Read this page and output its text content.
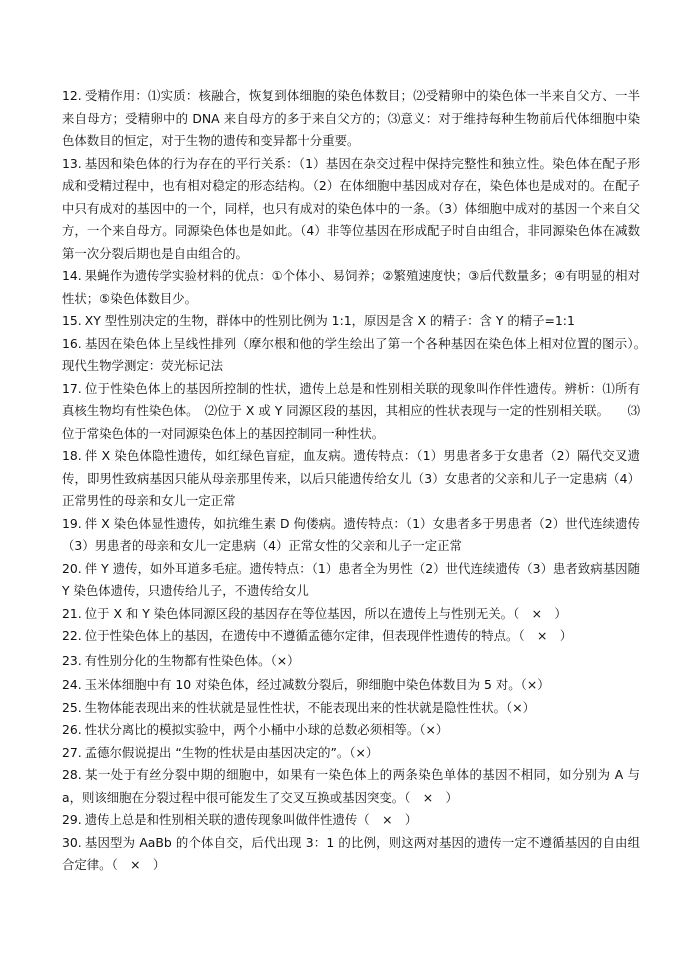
12. 受精作用：⑴实质：核融合，恢复到体细胞的染色体数目；⑵受精卵中的染色体一半来自父方、一半来自母方；受精卵中的 DNA 来自母方的多于来自父方的；⑶意义：对于维持每种生物前后代体细胞中染色体数目的恒定，对于生物的遗传和变异都十分重要。

13. 基因和染色体的行为存在的平行关系：（1）基因在杂交过程中保持完整性和独立性。染色体在配子形成和受精过程中，也有相对稳定的形态结构。（2）在体细胞中基因成对存在，染色体也是成对的。在配子中只有成对的基因中的一个，同样，也只有成对的染色体中的一条。（3）体细胞中成对的基因一个来自父方，一个来自母方。同源染色体也是如此。（4）非等位基因在形成配子时自由组合，非同源染色体在减数第一次分裂后期也是自由组合的。

14. 果蝇作为遗传学实验材料的优点：①个体小、易饲养；②繁殖速度快；③后代数量多；④有明显的相对性状；⑤染色体数目少。

15. XY 型性别决定的生物，群体中的性别比例为 1:1，原因是含 X 的精子：含 Y 的精子=1:1

16. 基因在染色体上呈线性排列（摩尔根和他的学生绘出了第一个各种基因在染色体上相对位置的图示）。　　现代生物学测定：荧光标记法

17. 位于性染色体上的基因所控制的性状，遗传上总是和性别相关联的现象叫作伴性遗传。辨析：⑴所有真核生物均有性染色体。　⑵位于 X 或 Y 同源区段的基因，其相应的性状表现与一定的性别相关联。　　⑶位于常染色体的一对同源染色体上的基因控制同一种性状。

18. 伴 X 染色体隐性遗传，如红绿色盲症，血友病。遗传特点：（1）男患者多于女患者（2）隔代交叉遗传，即男性致病基因只能从母亲那里传来，以后只能遗传给女儿（3）女患者的父亲和儿子一定患病（4）正常男性的母亲和女儿一定正常

19. 伴 X 染色体显性遗传，如抗维生素 D 佝偻病。遗传特点：（1）女患者多于男患者（2）世代连续遗传（3）男患者的母亲和女儿一定患病（4）正常女性的父亲和儿子一定正常

20. 伴 Y 遗传，如外耳道多毛症。遗传特点：（1）患者全为男性（2）世代连续遗传（3）患者致病基因随 Y 染色体遗传，只遗传给儿子，不遗传给女儿

21. 位于 X 和 Y 染色体同源区段的基因存在等位基因，所以在遗传上与性别无关。（　×　）

22. 位于性染色体上的基因，在遗传中不遵循孟德尔定律，但表现伴性遗传的特点。（　×　）

23. 有性别分化的生物都有性染色体。（×）

24. 玉米体细胞中有 10 对染色体，经过减数分裂后，卵细胞中染色体数目为 5 对。（×）

25. 生物体能表现出来的性状就是显性性状，不能表现出来的性状就是隐性性状。（×）

26. 性状分离比的模拟实验中，两个小桶中小球的总数必须相等。（×）

27. 孟德尔假说提出 “生物的性状是由基因决定的”。（×）

28. 某一处于有丝分裂中期的细胞中，如果有一染色体上的两条染色单体的基因不相同，如分别为 A 与 a，则该细胞在分裂过程中很可能发生了交叉互换或基因突变。（　×　）

29. 遗传上总是和性别相关联的遗传现象叫做伴性遗传（　×　）

30. 基因型为 AaBb 的个体自交，后代出现 3：1 的比例，则这两对基因的遗传一定不遵循基因的自由组合定律。（　×　）
